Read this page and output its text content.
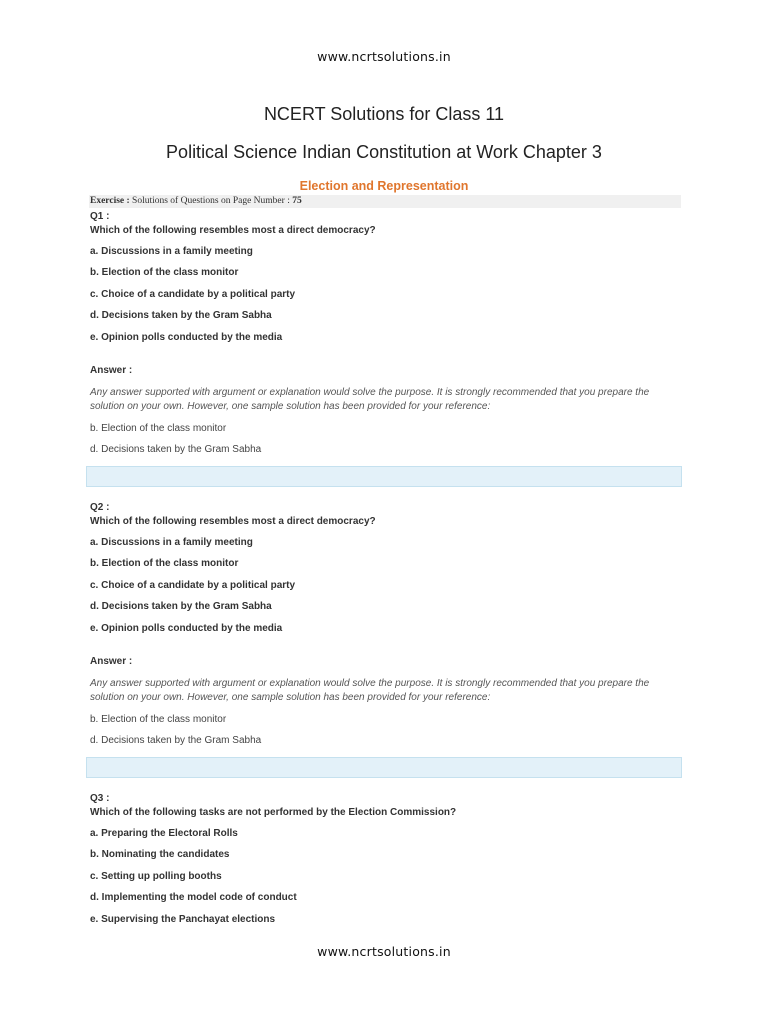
www.ncrtsolutions.in
NCERT Solutions for Class 11
Political Science Indian Constitution at Work Chapter 3
Election and Representation
Exercise : Solutions of Questions on Page Number : 75
Q1 :
Which of the following resembles most a direct democracy?
a. Discussions in a family meeting
b. Election of the class monitor
c. Choice of a candidate by a political party
d. Decisions taken by the Gram Sabha
e. Opinion polls conducted by the media
Answer :
Any answer supported with argument or explanation would solve the purpose. It is strongly recommended that you prepare the solution on your own. However, one sample solution has been provided for your reference:
b. Election of the class monitor
d. Decisions taken by the Gram Sabha
Q2 :
Which of the following resembles most a direct democracy?
a. Discussions in a family meeting
b. Election of the class monitor
c. Choice of a candidate by a political party
d. Decisions taken by the Gram Sabha
e. Opinion polls conducted by the media
Answer :
Any answer supported with argument or explanation would solve the purpose. It is strongly recommended that you prepare the solution on your own. However, one sample solution has been provided for your reference:
b. Election of the class monitor
d. Decisions taken by the Gram Sabha
Q3 :
Which of the following tasks are not performed by the Election Commission?
a. Preparing the Electoral Rolls
b. Nominating the candidates
c. Setting up polling booths
d. Implementing the model code of conduct
e. Supervising the Panchayat elections
www.ncrtsolutions.in
